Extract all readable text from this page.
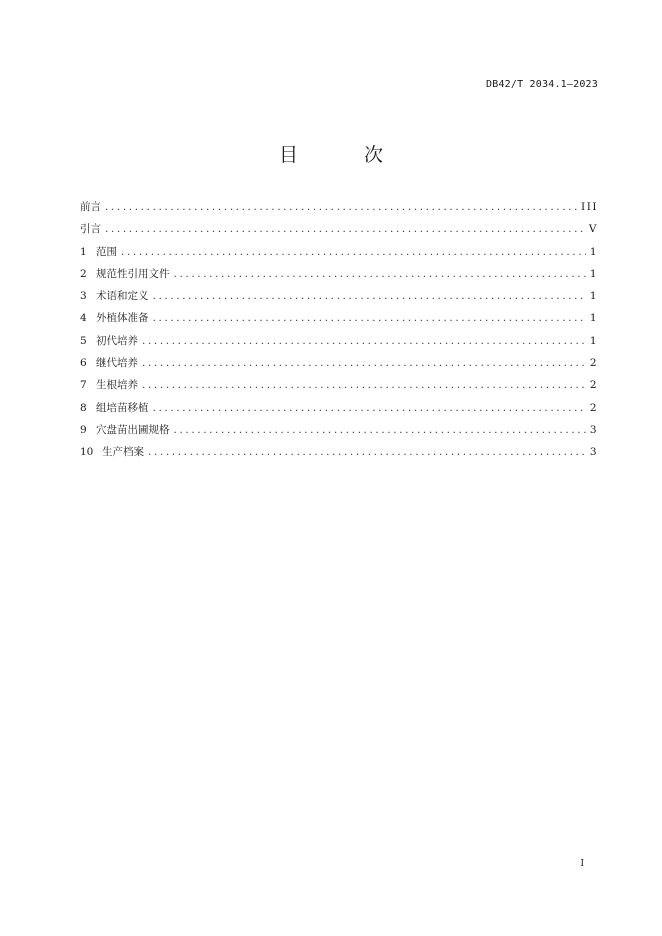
DB42/T 2034.1—2023
目 次
前言 .....	III
引言 .....	V
1 范围 .....	1
2 规范性引用文件 .....	1
3 术语和定义 .....	1
4 外植体准备 .....	1
5 初代培养 .....	1
6 继代培养 .....	2
7 生根培养 .....	2
8 组培苗移植 .....	2
9 穴盘苗出圃规格 .....	3
10 生产档案 .....	3
I
